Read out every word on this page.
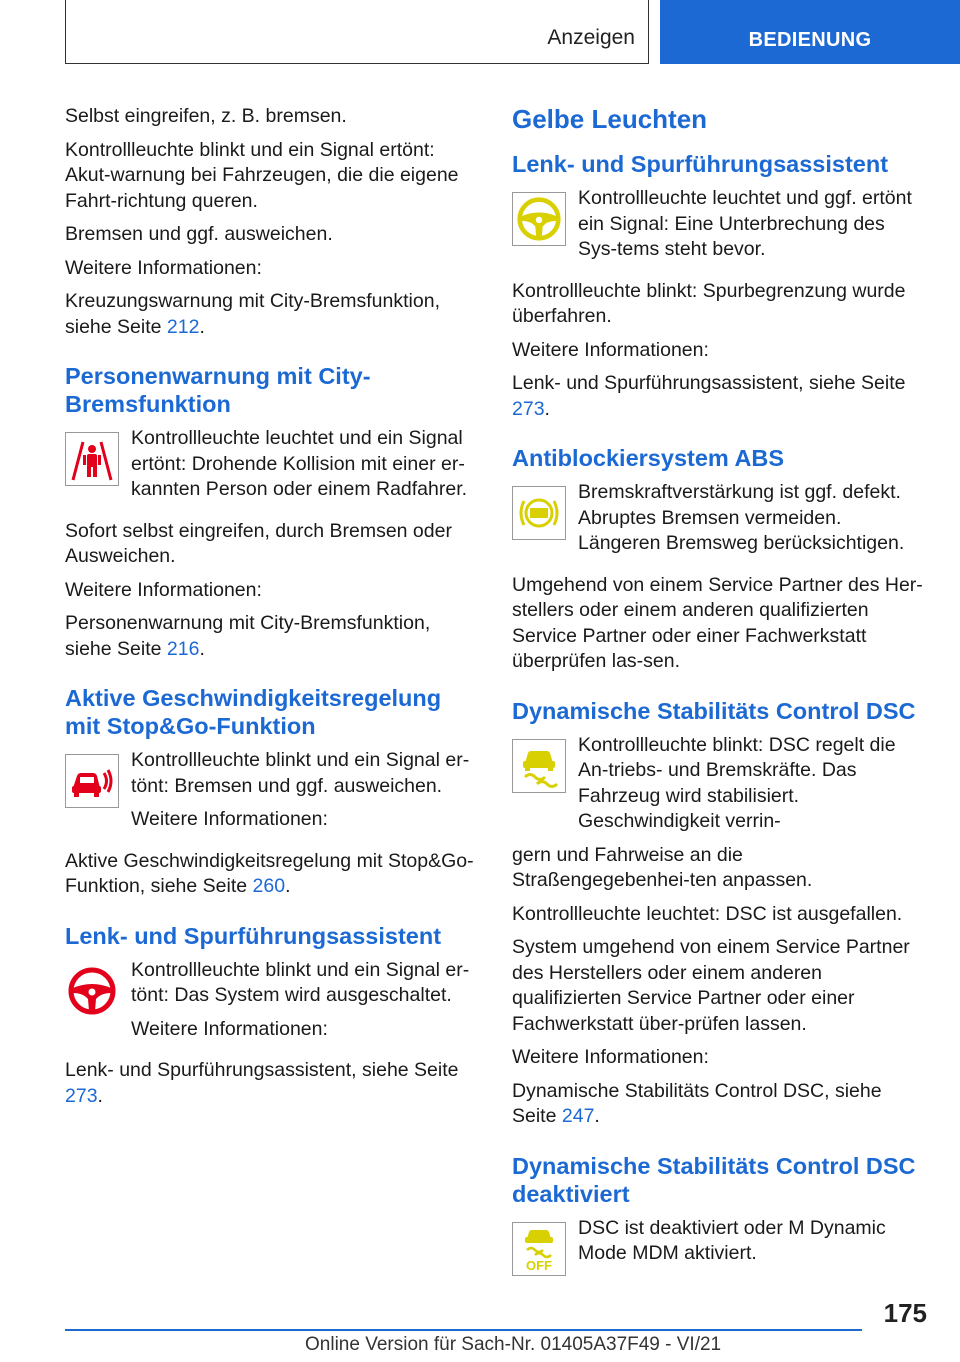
Anzeigen	BEDIENUNG

Selbst eingreifen, z. B. bremsen.

Kontrollleuchte blinkt und ein Signal ertönt: Akut-warnung bei Fahrzeugen, die die eigene Fahrt-richtung queren.

Bremsen und ggf. ausweichen.

Weitere Informationen:

Kreuzungswarnung mit City-Bremsfunktion, siehe Seite 212.

Personenwarnung mit City-Bremsfunktion

Kontrollleuchte leuchtet und ein Signal ertönt: Drohende Kollision mit einer er-kannten Person oder einem Radfahrer.

Sofort selbst eingreifen, durch Bremsen oder Ausweichen.

Weitere Informationen:

Personenwarnung mit City-Bremsfunktion, siehe Seite 216.

Aktive Geschwindigkeitsregelung mit Stop&Go-Funktion

Kontrollleuchte blinkt und ein Signal er-tönt: Bremsen und ggf. ausweichen.

Weitere Informationen:

Aktive Geschwindigkeitsregelung mit Stop&Go-Funktion, siehe Seite 260.

Lenk- und Spurführungsassistent

Kontrollleuchte blinkt und ein Signal er-tönt: Das System wird ausgeschaltet.

Weitere Informationen:

Lenk- und Spurführungsassistent, siehe Seite 273.

Gelbe Leuchten
Lenk- und Spurführungsassistent

Kontrollleuchte leuchtet und ggf. ertönt ein Signal: Eine Unterbrechung des Sys-tems steht bevor.

Kontrollleuchte blinkt: Spurbegrenzung wurde überfahren.

Weitere Informationen:

Lenk- und Spurführungsassistent, siehe Seite 273.

Antiblockiersystem ABS

Bremskraftverstärkung ist ggf. defekt. Abruptes Bremsen vermeiden. Längeren Bremsweg berücksichtigen.

Umgehend von einem Service Partner des Her-stellers oder einem anderen qualifizierten Service Partner oder einer Fachwerkstatt überprüfen las-sen.

Dynamische Stabilitäts Control DSC

Kontrollleuchte blinkt: DSC regelt die An-triebs- und Bremskräfte. Das Fahrzeug wird stabilisiert. Geschwindigkeit verrin-

gern und Fahrweise an die Straßengegebenhei-ten anpassen.

Kontrollleuchte leuchtet: DSC ist ausgefallen.

System umgehend von einem Service Partner des Herstellers oder einem anderen qualifizierten Service Partner oder einer Fachwerkstatt über-prüfen lassen.

Weitere Informationen:

Dynamische Stabilitäts Control DSC, siehe Seite 247.

Dynamische Stabilitäts Control DSC deaktiviert
OFF

DSC ist deaktiviert oder M Dynamic Mode MDM aktiviert.

175
Online Version für Sach-Nr. 01405A37F49 - VI/21
